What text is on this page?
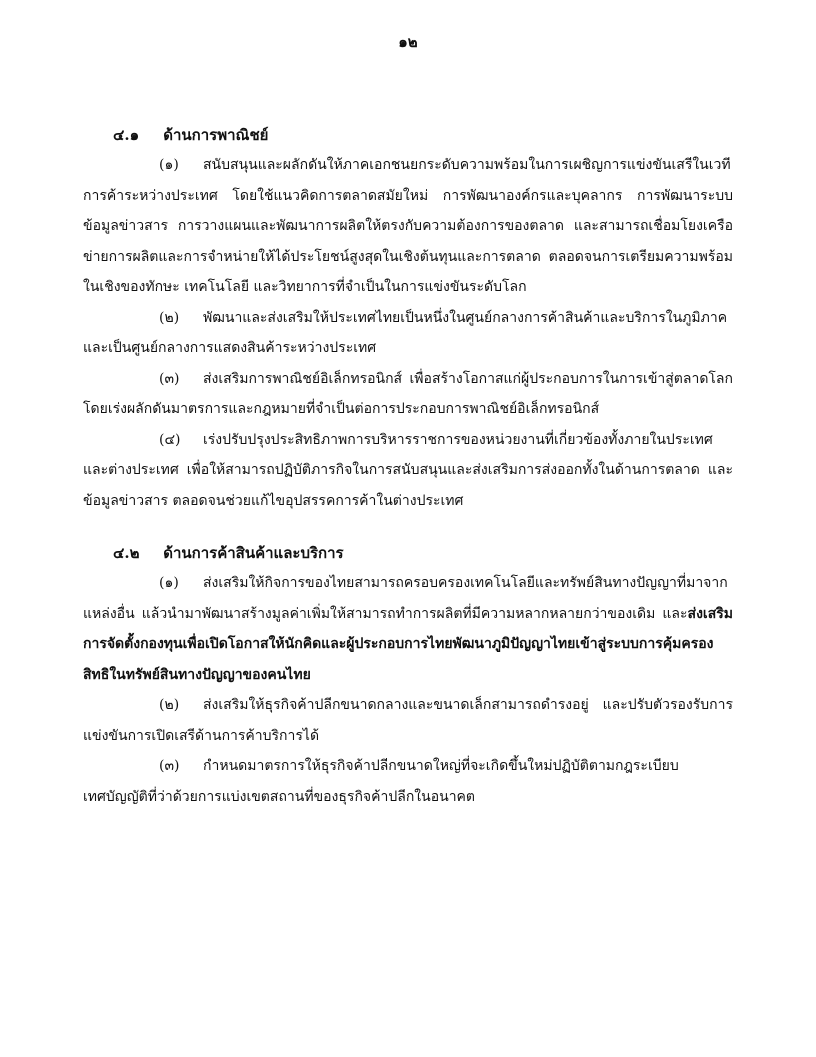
๑๒
๔.๑ ด้านการพาณิชย์

(๑) สนับสนุนและผลักดันให้ภาคเอกชนยกระดับความพร้อมในการเผชิญการแข่งขันเสรีในเวทีการค้าระหว่างประเทศ โดยใช้แนวคิดการตลาดสมัยใหม่ การพัฒนาองค์กรและบุคลากร การพัฒนาระบบข้อมูลข่าวสาร การวางแผนและพัฒนาการผลิตให้ตรงกับความต้องการของตลาด และสามารถเชื่อมโยงเครือข่ายการผลิตและการจำหน่ายให้ได้ประโยชน์สูงสุดในเชิงต้นทุนและการตลาด ตลอดจนการเตรียมความพร้อมในเชิงของทักษะ เทคโนโลยี และวิทยาการที่จำเป็นในการแข่งขันระดับโลก

(๒) พัฒนาและส่งเสริมให้ประเทศไทยเป็นหนึ่งในศูนย์กลางการค้าสินค้าและบริการในภูมิภาค และเป็นศูนย์กลางการแสดงสินค้าระหว่างประเทศ

(๓) ส่งเสริมการพาณิชย์อิเล็กทรอนิกส์ เพื่อสร้างโอกาสแก่ผู้ประกอบการในการเข้าสู่ตลาดโลก โดยเร่งผลักดันมาตรการและกฎหมายที่จำเป็นต่อการประกอบการพาณิชย์อิเล็กทรอนิกส์

(๔) เร่งปรับปรุงประสิทธิภาพการบริหารราชการของหน่วยงานที่เกี่ยวข้องทั้งภายในประเทศและต่างประเทศ เพื่อให้สามารถปฏิบัติภารกิจในการสนับสนุนและส่งเสริมการส่งออกทั้งในด้านการตลาด และข้อมูลข่าวสาร ตลอดจนช่วยแก้ไขอุปสรรคการค้าในต่างประเทศ

๔.๒ ด้านการค้าสินค้าและบริการ

(๑) ส่งเสริมให้กิจการของไทยสามารถครอบครองเทคโนโลยีและทรัพย์สินทางปัญญาที่มาจากแหล่งอื่น แล้วนำมาพัฒนาสร้างมูลค่าเพิ่มให้สามารถทำการผลิตที่มีความหลากหลายกว่าของเดิม และส่งเสริมการจัดตั้งกองทุนเพื่อเปิดโอกาสให้นักคิดและผู้ประกอบการไทยพัฒนาภูมิปัญญาไทยเข้าสู่ระบบการคุ้มครองสิทธิในทรัพย์สินทางปัญญาของคนไทย

(๒) ส่งเสริมให้ธุรกิจค้าปลีกขนาดกลางและขนาดเล็กสามารถดำรงอยู่ และปรับตัวรองรับการแข่งขันการเปิดเสรีด้านการค้าบริการได้

(๓) กำหนดมาตรการให้ธุรกิจค้าปลีกขนาดใหญ่ที่จะเกิดขึ้นใหม่ปฏิบัติตามกฎระเบียบเทศบัญญัติที่ว่าด้วยการแบ่งเขตสถานที่ของธุรกิจค้าปลีกในอนาคต
